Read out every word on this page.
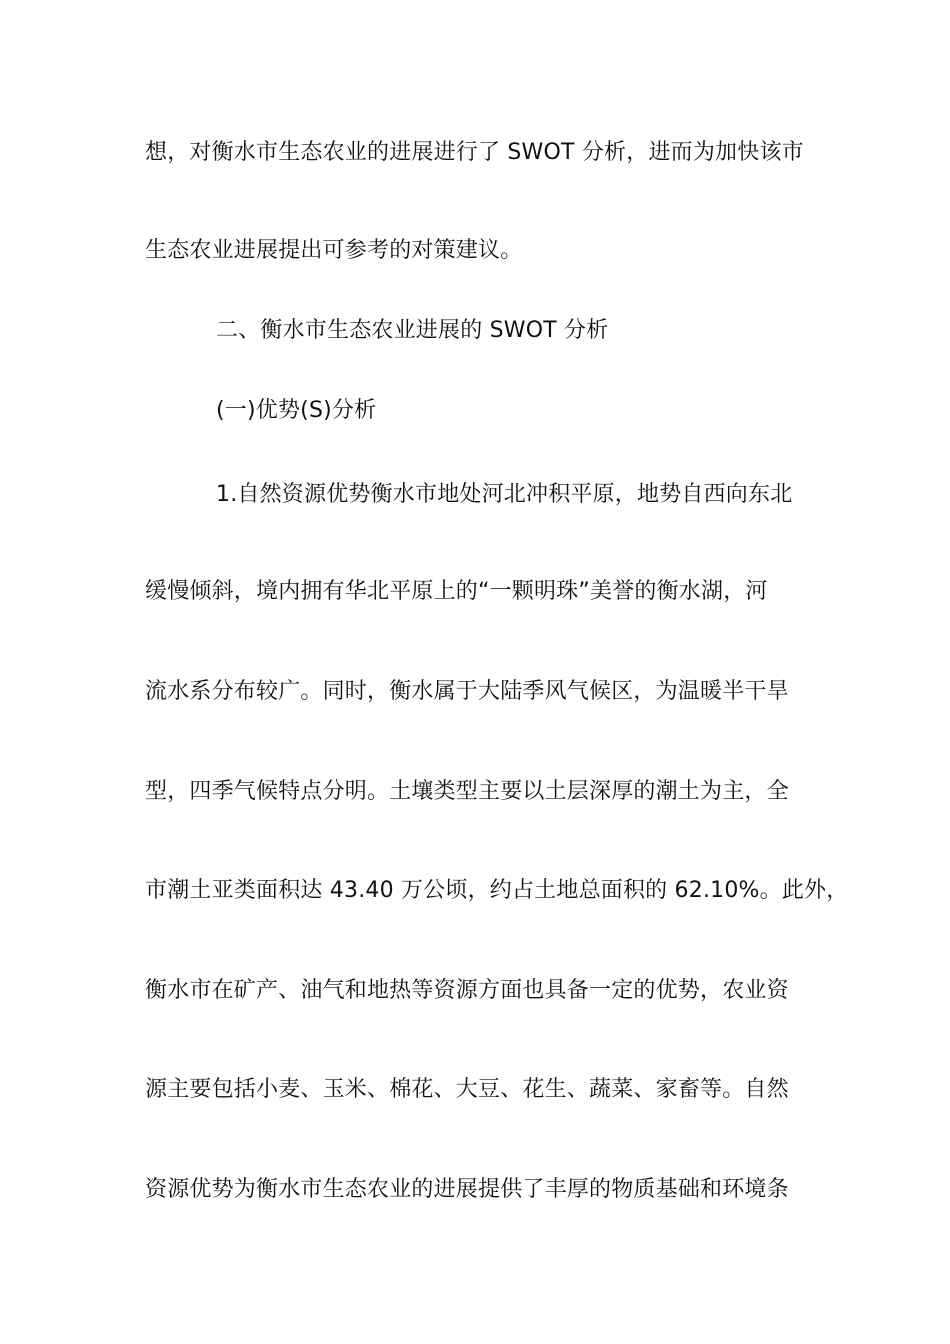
想，对衡水市生态农业的进展进行了 SWOT 分析，进而为加快该市
生态农业进展提出可参考的对策建议。
二、衡水市生态农业进展的 SWOT 分析
(一)优势(S)分析
1.自然资源优势衡水市地处河北冲积平原，地势自西向东北
缓慢倾斜，境内拥有华北平原上的“一颗明珠”美誉的衡水湖，河
流水系分布较广。同时，衡水属于大陆季风气候区，为温暖半干旱
型，四季气候特点分明。土壤类型主要以土层深厚的潮土为主，全
市潮土亚类面积达 43.40 万公顷，约占土地总面积的 62.10%。此外，
衡水市在矿产、油气和地热等资源方面也具备一定的优势，农业资
源主要包括小麦、玉米、棉花、大豆、花生、蔬菜、家畜等。自然
资源优势为衡水市生态农业的进展提供了丰厚的物质基础和环境条
